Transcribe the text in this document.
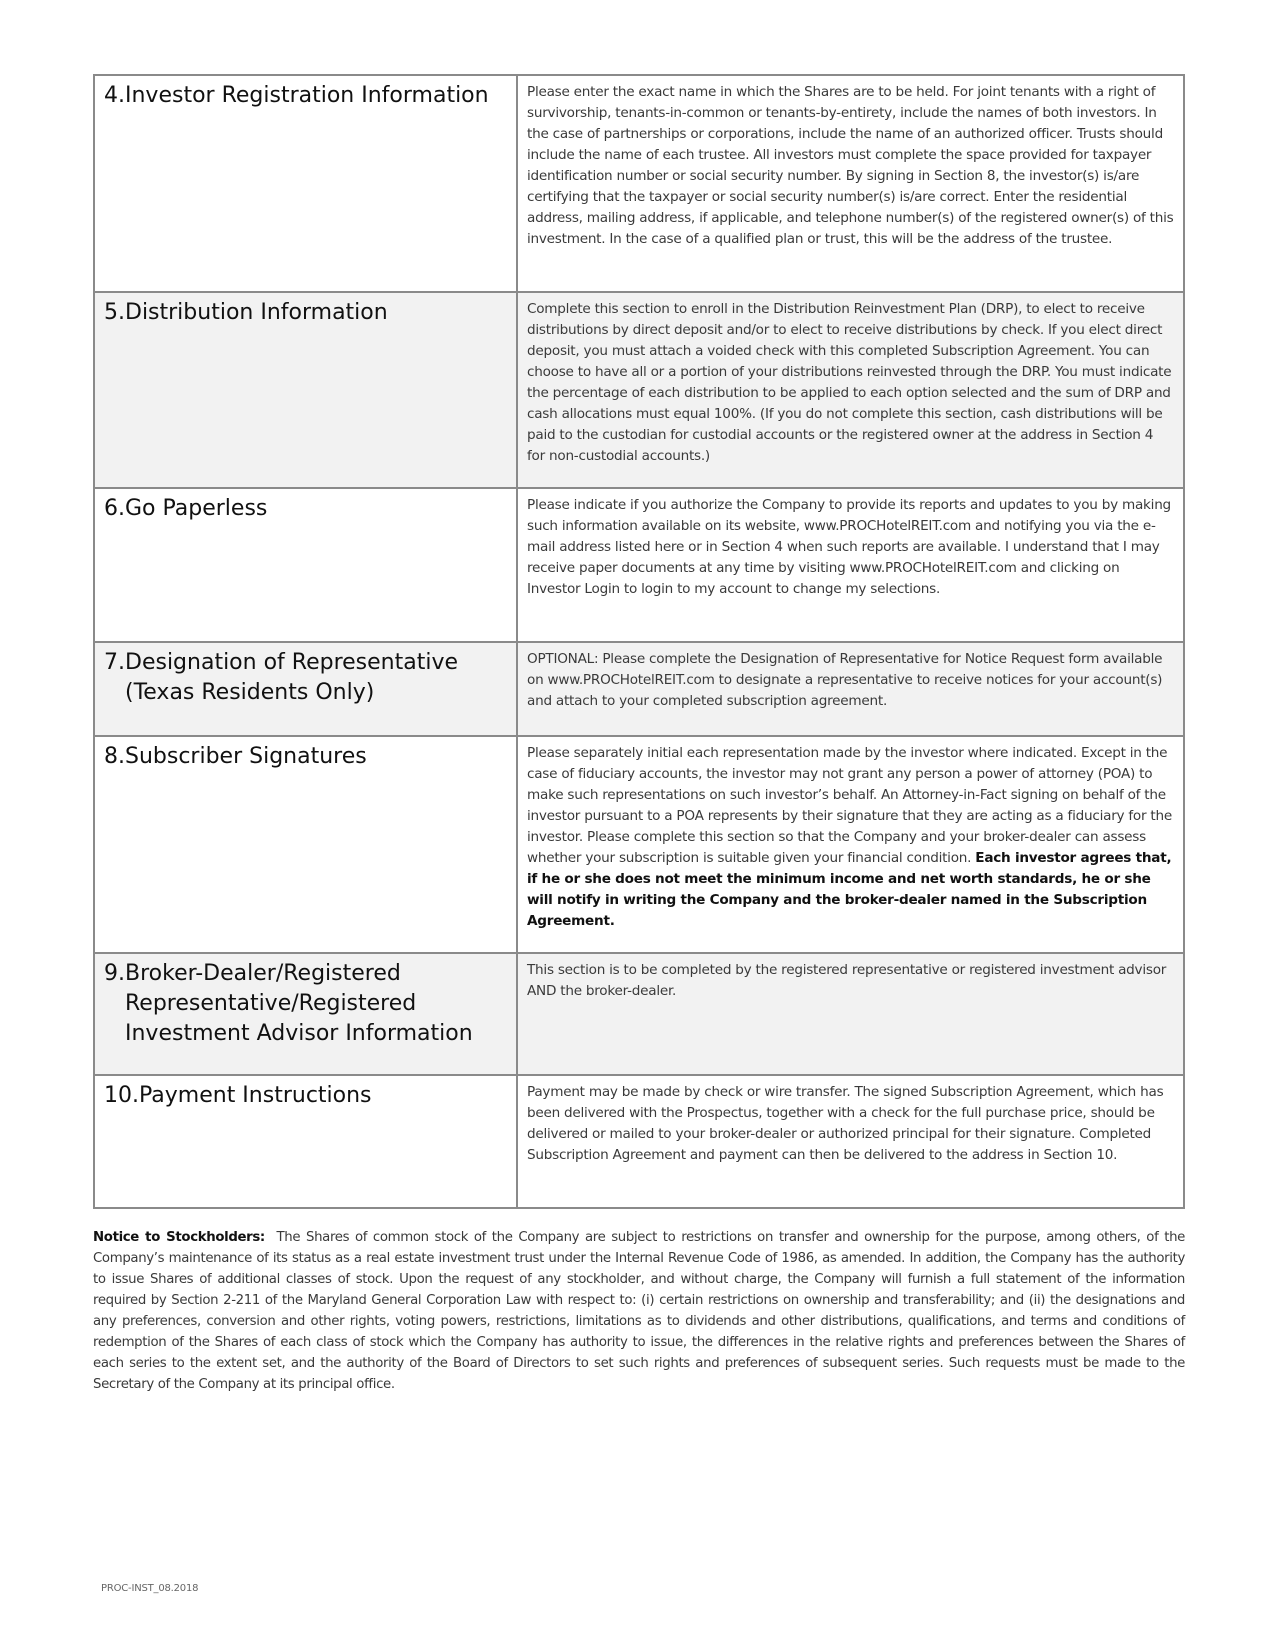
4. Investor Registration Information	Please enter the exact name in which the Shares are to be held. For joint tenants with a right of survivorship, tenants-in-common or tenants-by-entirety, include the names of both investors. In the case of partnerships or corporations, include the name of an authorized officer. Trusts should include the name of each trustee. All investors must complete the space provided for taxpayer identification number or social security number. By signing in Section 8, the investor(s) is/are certifying that the taxpayer or social security number(s) is/are correct. Enter the residential address, mailing address, if applicable, and telephone number(s) of the registered owner(s) of this investment. In the case of a qualified plan or trust, this will be the address of the trustee.

5. Distribution Information	Complete this section to enroll in the Distribution Reinvestment Plan (DRP), to elect to receive distributions by direct deposit and/or to elect to receive distributions by check. If you elect direct deposit, you must attach a voided check with this completed Subscription Agreement. You can choose to have all or a portion of your distributions reinvested through the DRP. You must indicate the percentage of each distribution to be applied to each option selected and the sum of DRP and cash allocations must equal 100%. (If you do not complete this section, cash distributions will be paid to the custodian for custodial accounts or the registered owner at the address in Section 4 for non-custodial accounts.)

6. Go Paperless	Please indicate if you authorize the Company to provide its reports and updates to you by making such information available on its website, www.PROCHotelREIT.com and notifying you via the e-mail address listed here or in Section 4 when such reports are available. I understand that I may receive paper documents at any time by visiting www.PROCHotelREIT.com and clicking on Investor Login to login to my account to change my selections.

7. Designation of Representative (Texas Residents Only)	OPTIONAL: Please complete the Designation of Representative for Notice Request form available on www.PROCHotelREIT.com to designate a representative to receive notices for your account(s) and attach to your completed subscription agreement.

8. Subscriber Signatures	Please separately initial each representation made by the investor where indicated. Except in the case of fiduciary accounts, the investor may not grant any person a power of attorney (POA) to make such representations on such investor’s behalf. An Attorney-in-Fact signing on behalf of the investor pursuant to a POA represents by their signature that they are acting as a fiduciary for the investor. Please complete this section so that the Company and your broker-dealer can assess whether your subscription is suitable given your financial condition. Each investor agrees that, if he or she does not meet the minimum income and net worth standards, he or she will notify in writing the Company and the broker-dealer named in the Subscription Agreement.

9. Broker-Dealer/Registered Representative/Registered Investment Advisor Information	This section is to be completed by the registered representative or registered investment advisor AND the broker-dealer.

10. Payment Instructions	Payment may be made by check or wire transfer. The signed Subscription Agreement, which has been delivered with the Prospectus, together with a check for the full purchase price, should be delivered or mailed to your broker-dealer or authorized principal for their signature. Completed Subscription Agreement and payment can then be delivered to the address in Section 10.
Notice to Stockholders: The Shares of common stock of the Company are subject to restrictions on transfer and ownership for the purpose, among others, of the Company’s maintenance of its status as a real estate investment trust under the Internal Revenue Code of 1986, as amended. In addition, the Company has the authority to issue Shares of additional classes of stock. Upon the request of any stockholder, and without charge, the Company will furnish a full statement of the information required by Section 2-211 of the Maryland General Corporation Law with respect to: (i) certain restrictions on ownership and transferability; and (ii) the designations and any preferences, conversion and other rights, voting powers, restrictions, limitations as to dividends and other distributions, qualifications, and terms and conditions of redemption of the Shares of each class of stock which the Company has authority to issue, the differences in the relative rights and preferences between the Shares of each series to the extent set, and the authority of the Board of Directors to set such rights and preferences of subsequent series. Such requests must be made to the Secretary of the Company at its principal office.
PROC-INST_08.2018
